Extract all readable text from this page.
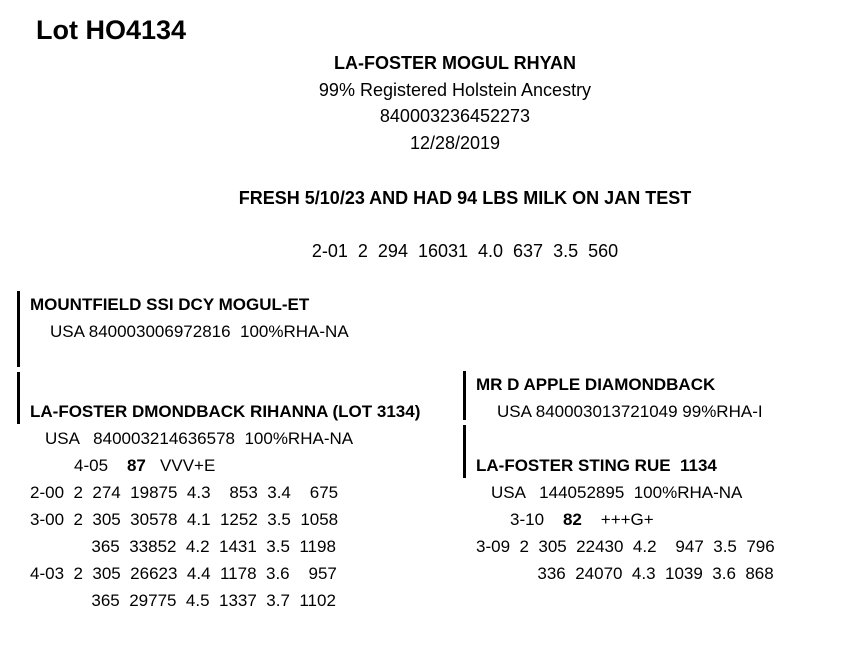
Lot HO4134
LA-FOSTER MOGUL RHYAN
99% Registered Holstein Ancestry
840003236452273
12/28/2019
FRESH 5/10/23 AND HAD 94 LBS MILK ON JAN TEST
2-01  2  294  16031  4.0  637  3.5  560
MOUNTFIELD SSI DCY MOGUL-ET
USA 840003006972816  100%RHA-NA
LA-FOSTER DMONDBACK RIHANNA (LOT 3134)
USA   840003214636578  100%RHA-NA
4-05 87 VVV+E
2-00  2  274  19875  4.3    853  3.4    675
3-00  2  305  30578  4.1  1252  3.5  1058
365  33852  4.2  1431  3.5  1198
4-03  2  305  26623  4.4  1178  3.6    957
365  29775  4.5  1337  3.7  1102
MR D APPLE DIAMONDBACK
USA 840003013721049 99%RHA-I
LA-FOSTER STING RUE  1134
USA   144052895  100%RHA-NA
3-10 82 +++G+
3-09  2  305  22430  4.2    947  3.5  796
336  24070  4.3  1039  3.6  868
